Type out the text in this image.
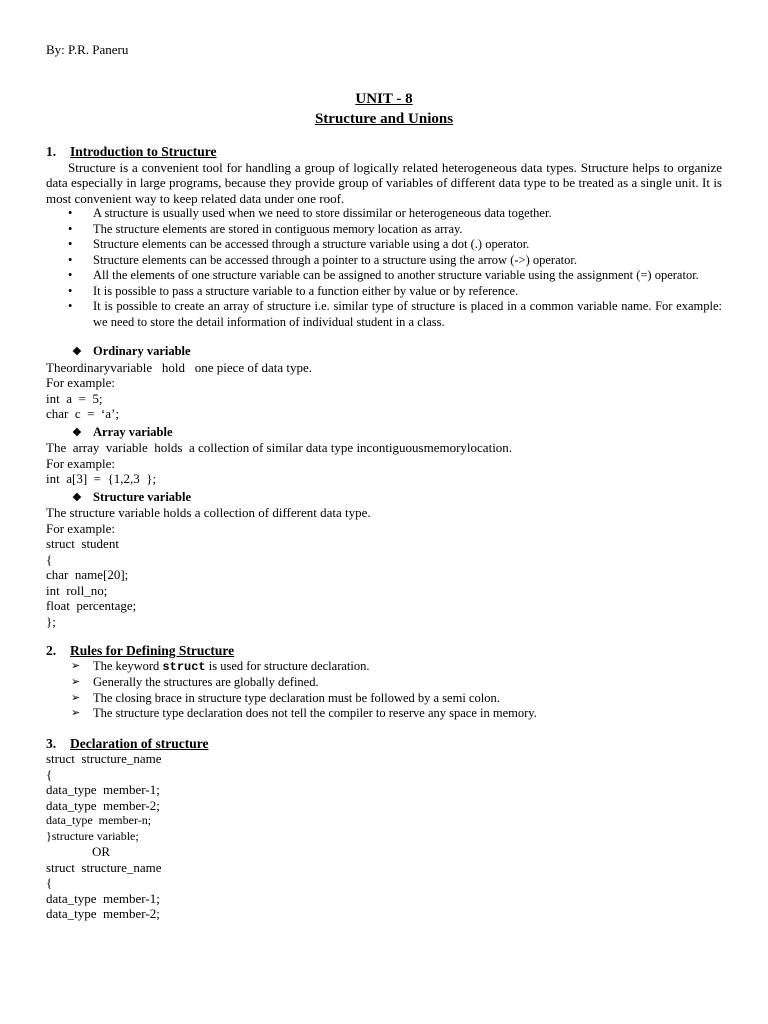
By: P.R. Paneru
UNIT - 8
Structure and Unions
1. Introduction to Structure
Structure is a convenient tool for handling a group of logically related heterogeneous data types. Structure helps to organize data especially in large programs, because they provide group of variables of different data type to be treated as a single unit. It is most convenient way to keep related data under one roof.
• A structure is usually used when we need to store dissimilar or heterogeneous data together.
• The structure elements are stored in contiguous memory location as array.
• Structure elements can be accessed through a structure variable using a dot (.) operator.
• Structure elements can be accessed through a pointer to a structure using the arrow (->) operator.
• All the elements of one structure variable can be assigned to another structure variable using the assignment (=) operator.
• It is possible to pass a structure variable to a function either by value or by reference.
• It is possible to create an array of structure i.e. similar type of structure is placed in a common variable name. For example: we need to store the detail information of individual student in a class.
❖ Ordinary variable
Theordinaryvariable   hold   one piece of data type.
For example:
int  a  =  5;
char  c  =  ‘a’;
❖ Array variable
The  array  variable  holds  a collection of similar data type incontiguousmemorylocation.
For example:
int  a[3]  =  {1,2,3  };
❖ Structure variable
The structure variable holds a collection of different data type.
For example:
struct  student
{
char  name[20];
int  roll_no;
float  percentage;
};
2. Rules for Defining Structure
➢ The keyword struct is used for structure declaration.
➢ Generally the structures are globally defined.
➢ The closing brace in structure type declaration must be followed by a semi colon.
➢ The structure type declaration does not tell the compiler to reserve any space in memory.
3. Declaration of structure
struct  structure_name
{
data_type  member-1;
data_type  member-2;
data_type  member-n;
}structure variable;
OR
struct  structure_name
{
data_type  member-1;
data_type  member-2;
